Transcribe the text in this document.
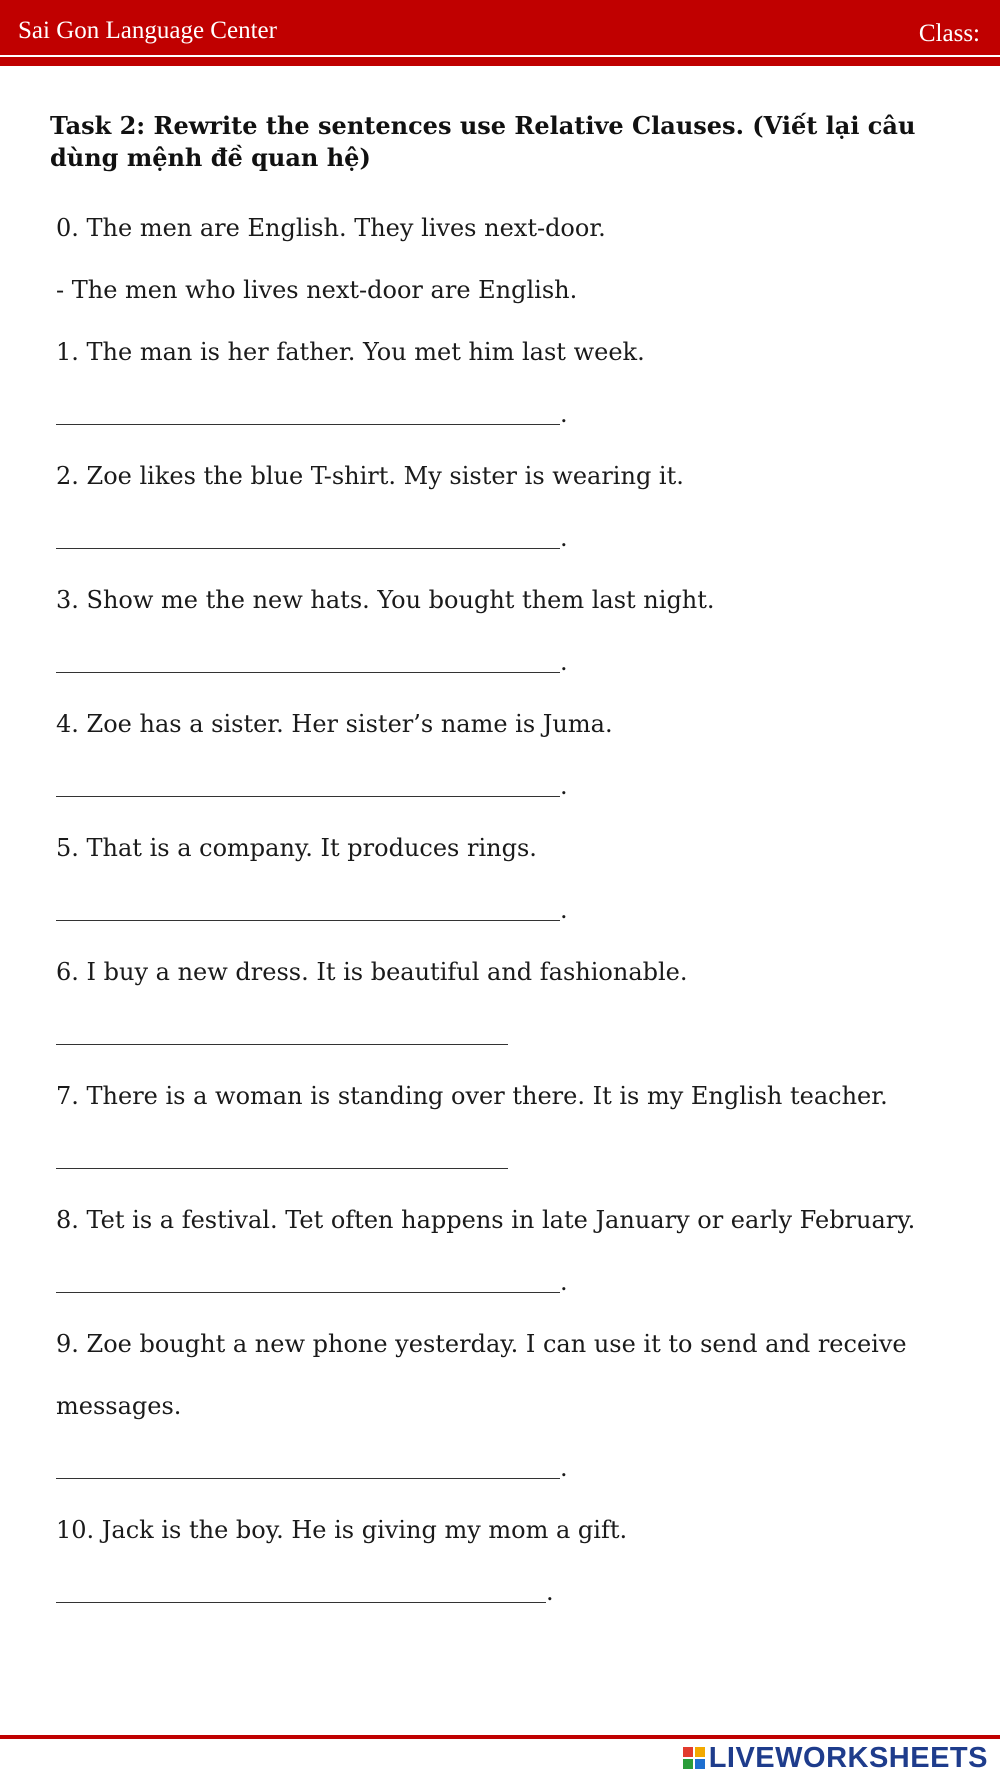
Sai Gon Language Center	Class:
Task 2: Rewrite the sentences use Relative Clauses. (Viết lại câu dùng mệnh đề quan hệ)
0. The men are English. They lives next-door.
- The men who lives next-door are English.
1. The man is her father. You met him last week.
.
2. Zoe likes the blue T-shirt. My sister is wearing it.
.
3. Show me the new hats. You bought them last night.
.
4. Zoe has a sister. Her sister’s name is Juma.
.
5. That is a company. It produces rings.
.
6. I buy a new dress. It is beautiful and fashionable.
7. There is a woman is standing over there. It is my English teacher.
8. Tet is a festival. Tet often happens in late January or early February.
.
9. Zoe bought a new phone yesterday. I can use it to send and receive
messages.
.
10. Jack is the boy. He is giving my mom a gift.
.
LIVEWORKSHEETS
